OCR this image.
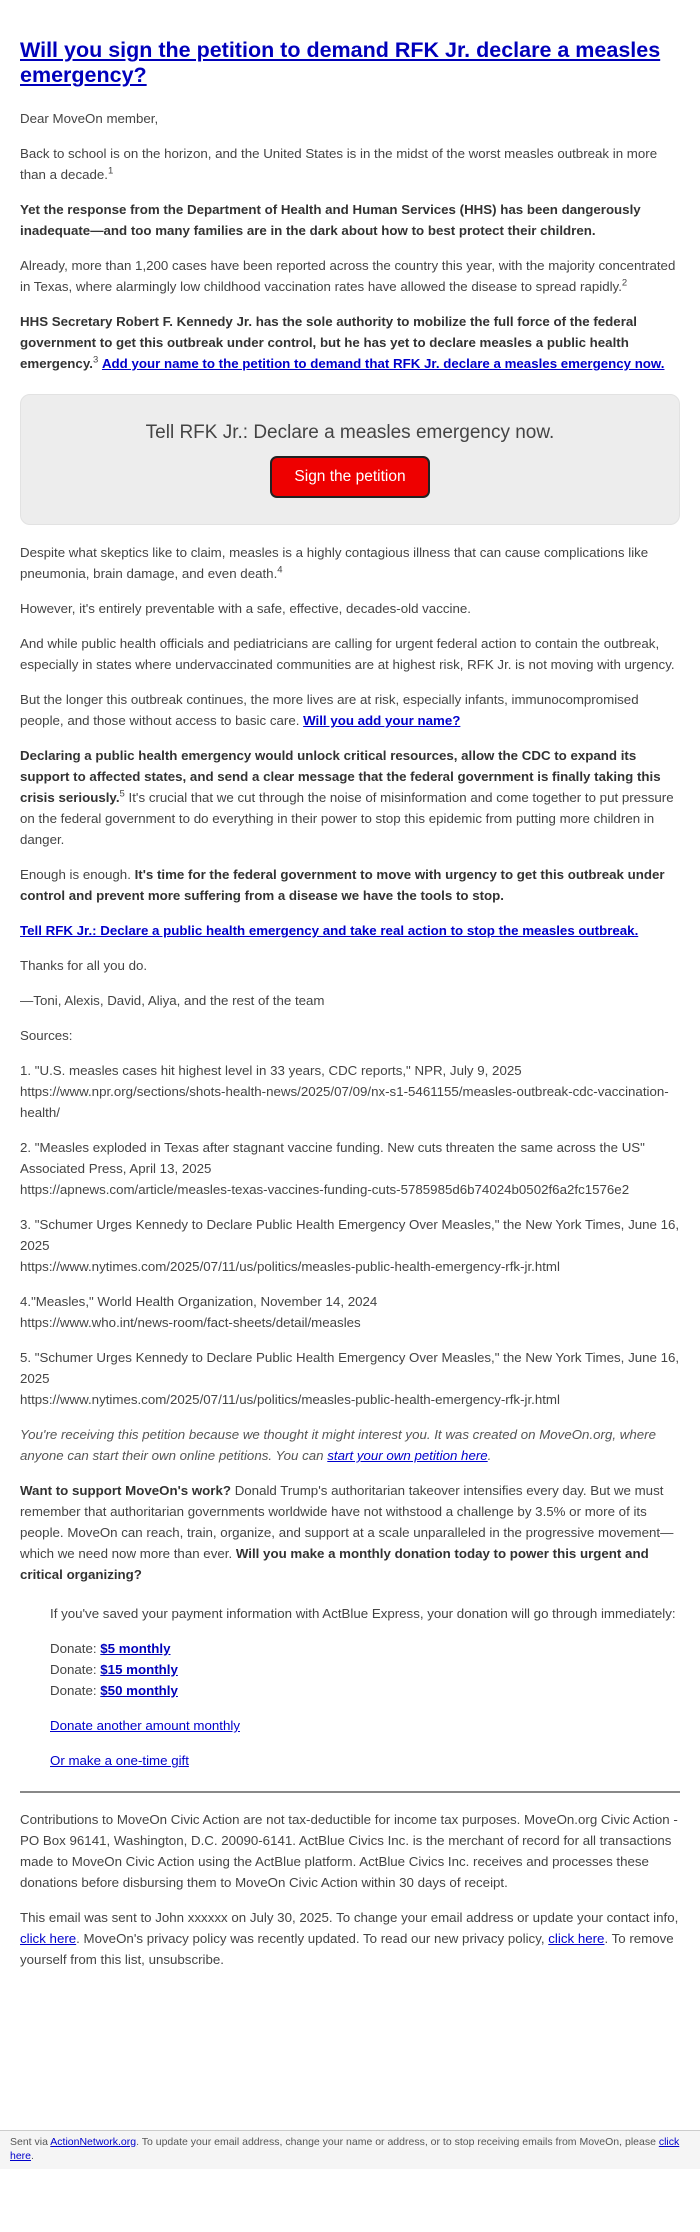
Will you sign the petition to demand RFK Jr. declare a measles emergency?

Dear MoveOn member,

Back to school is on the horizon, and the United States is in the midst of the worst measles outbreak in more than a decade.$^1$

Yet the response from the Department of Health and Human Services (HHS) has been dangerously inadequate—and too many families are in the dark about how to best protect their children.

Already, more than 1,200 cases have been reported across the country this year, with the majority concentrated in Texas, where alarmingly low childhood vaccination rates have allowed the disease to spread rapidly.$^2$

HHS Secretary Robert F. Kennedy Jr. has the sole authority to mobilize the full force of the federal government to get this outbreak under control, but he has yet to declare measles a public health emergency.$^3$ Add your name to the petition to demand that RFK Jr. declare a measles emergency now.

Tell RFK Jr.: Declare a measles emergency now.
Sign the petition

Despite what skeptics like to claim, measles is a highly contagious illness that can cause complications like pneumonia, brain damage, and even death.$^4$

However, it's entirely preventable with a safe, effective, decades-old vaccine.

And while public health officials and pediatricians are calling for urgent federal action to contain the outbreak, especially in states where undervaccinated communities are at highest risk, RFK Jr. is not moving with urgency.

But the longer this outbreak continues, the more lives are at risk, especially infants, immunocompromised people, and those without access to basic care. Will you add your name?

Declaring a public health emergency would unlock critical resources, allow the CDC to expand its support to affected states, and send a clear message that the federal government is finally taking this crisis seriously.$^5$ It's crucial that we cut through the noise of misinformation and come together to put pressure on the federal government to do everything in their power to stop this epidemic from putting more children in danger.

Enough is enough. It's time for the federal government to move with urgency to get this outbreak under control and prevent more suffering from a disease we have the tools to stop.

Tell RFK Jr.: Declare a public health emergency and take real action to stop the measles outbreak.

Thanks for all you do.

—Toni, Alexis, David, Aliya, and the rest of the team

Sources:

1. "U.S. measles cases hit highest level in 33 years, CDC reports," NPR, July 9, 2025
https://www.npr.org/sections/shots-health-news/2025/07/09/nx-s1-5461155/measles-outbreak-cdc-vaccination-health/
2. "Measles exploded in Texas after stagnant vaccine funding. New cuts threaten the same across the US" Associated Press, April 13, 2025
https://apnews.com/article/measles-texas-vaccines-funding-cuts-5785985d6b74024b0502f6a2fc1576e2
3. "Schumer Urges Kennedy to Declare Public Health Emergency Over Measles," the New York Times, June 16, 2025
https://www.nytimes.com/2025/07/11/us/politics/measles-public-health-emergency-rfk-jr.html
4."Measles," World Health Organization, November 14, 2024
https://www.who.int/news-room/fact-sheets/detail/measles
5. "Schumer Urges Kennedy to Declare Public Health Emergency Over Measles," the New York Times, June 16, 2025
https://www.nytimes.com/2025/07/11/us/politics/measles-public-health-emergency-rfk-jr.html

You're receiving this petition because we thought it might interest you. It was created on MoveOn.org, where anyone can start their own online petitions. You can start your own petition here.

Want to support MoveOn's work? Donald Trump's authoritarian takeover intensifies every day. But we must remember that authoritarian governments worldwide have not withstood a challenge by 3.5% or more of its people. MoveOn can reach, train, organize, and support at a scale unparalleled in the progressive movement—which we need now more than ever. Will you make a monthly donation today to power this urgent and critical organizing?

If you've saved your payment information with ActBlue Express, your donation will go through immediately:

Donate: $5 monthly
Donate: $15 monthly
Donate: $50 monthly
Donate another amount monthly
Or make a one-time gift

Contributions to MoveOn Civic Action are not tax-deductible for income tax purposes. MoveOn.org Civic Action - PO Box 96141, Washington, D.C. 20090-6141. ActBlue Civics Inc. is the merchant of record for all transactions made to MoveOn Civic Action using the ActBlue platform. ActBlue Civics Inc. receives and processes these donations before disbursing them to MoveOn Civic Action within 30 days of receipt.

This email was sent to John xxxxxx on July 30, 2025. To change your email address or update your contact info, click here. MoveOn's privacy policy was recently updated. To read our new privacy policy, click here. To remove yourself from this list, unsubscribe.

Sent via ActionNetwork.org. To update your email address, change your name or address, or to stop receiving emails from MoveOn, please click here.
